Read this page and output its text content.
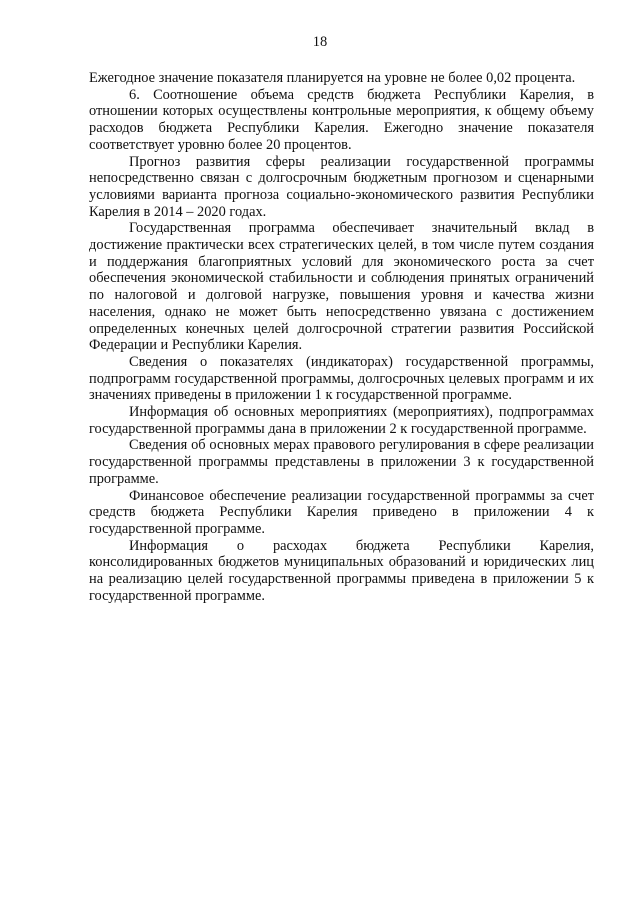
18

Ежегодное значение показателя планируется на уровне не более 0,02 процента.

6. Соотношение объема средств бюджета Республики Карелия, в отношении которых осуществлены контрольные мероприятия, к общему объему расходов бюджета Республики Карелия. Ежегодно значение показателя соответствует уровню более 20 процентов.

Прогноз развития сферы реализации государственной программы непосредственно связан с долгосрочным бюджетным прогнозом и сценарными условиями варианта прогноза социально-экономического развития Республики Карелия в 2014 – 2020 годах.

Государственная программа обеспечивает значительный вклад в достижение практически всех стратегических целей, в том числе путем создания и поддержания благоприятных условий для экономического роста за счет обеспечения экономической стабильности и соблюдения принятых ограничений по налоговой и долговой нагрузке, повышения уровня и качества жизни населения, однако не может быть непосредственно увязана с достижением определенных конечных целей долгосрочной стратегии развития Российской Федерации и Республики Карелия.

Сведения о показателях (индикаторах) государственной программы, подпрограмм государственной программы, долгосрочных целевых программ и их значениях приведены в приложении 1 к государственной программе.

Информация об основных мероприятиях (мероприятиях), подпрограммах государственной программы дана в приложении 2 к государственной программе.

Сведения об основных мерах правового регулирования в сфере реализации государственной программы представлены в приложении 3 к государственной программе.

Финансовое обеспечение реализации государственной программы за счет средств бюджета Республики Карелия приведено в приложении 4 к государственной программе.

Информация о расходах бюджета Республики Карелия, консолидированных бюджетов муниципальных образований и юридических лиц на реализацию целей государственной программы приведена в приложении 5 к государственной программе.
